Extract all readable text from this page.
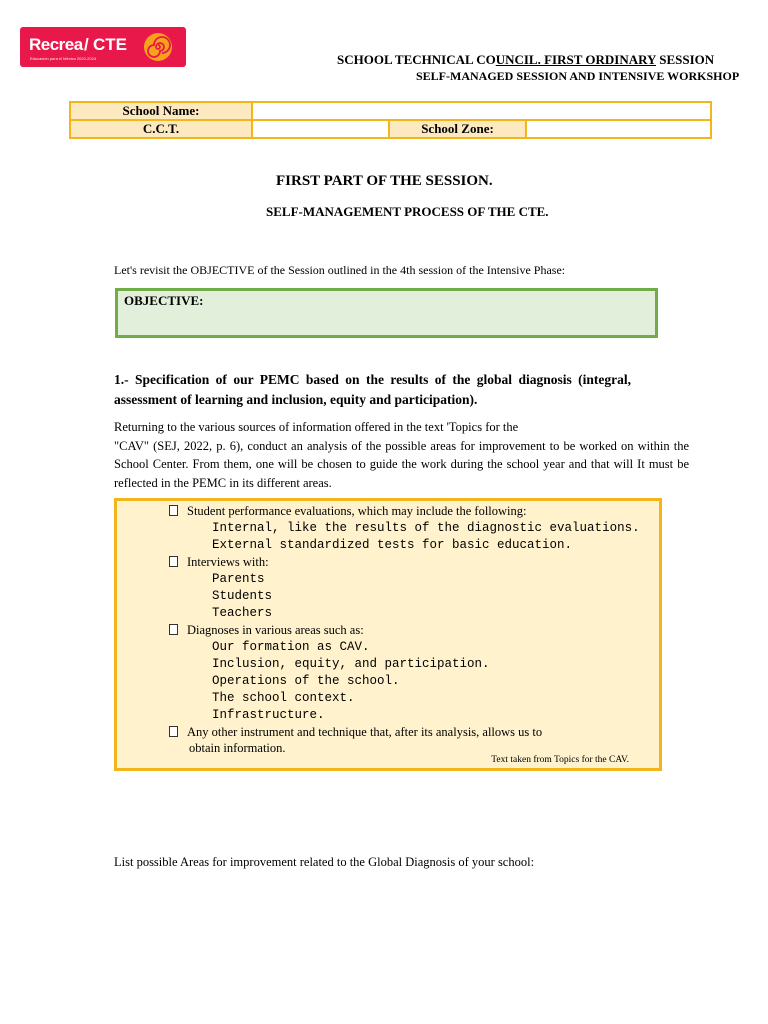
Recrea / CTE
Educación para el México 2022-2024	SCHOOL TECHNICAL COUNCIL. FIRST ORDINARY SESSION
SELF-MANAGED SESSION AND INTENSIVE WORKSHOP
School Name:			
C.C.T.		School Zone:	
FIRST PART OF THE SESSION.
SELF-MANAGEMENT PROCESS OF THE CTE.
Let's revisit the OBJECTIVE of the Session outlined in the 4th session of the Intensive Phase:
OBJECTIVE:
1.- Specification of our PEMC based on the results of the global diagnosis (integral, assessment of learning and inclusion, equity and participation).

Returning to the various sources of information offered in the text 'Topics for the

"CAV" (SEJ, 2022, p. 6), conduct an analysis of the possible areas for improvement to be worked on within the School Center. From them, one will be chosen to guide the work during the school year and that will It must be reflected in the PEMC in its different areas.

Student performance evaluations, which may include the following:
Internal, like the results of the diagnostic evaluations.
External standardized tests for basic education.
Interviews with:
Parents
Students
Teachers
Diagnoses in various areas such as:
Our formation as CAV.
Inclusion, equity, and participation.
Operations of the school.
The school context.
Infrastructure.
Any other instrument and technique that, after its analysis, allows us to
obtain information.
Text taken from Topics for the CAV.
List possible Areas for improvement related to the Global Diagnosis of your school:
